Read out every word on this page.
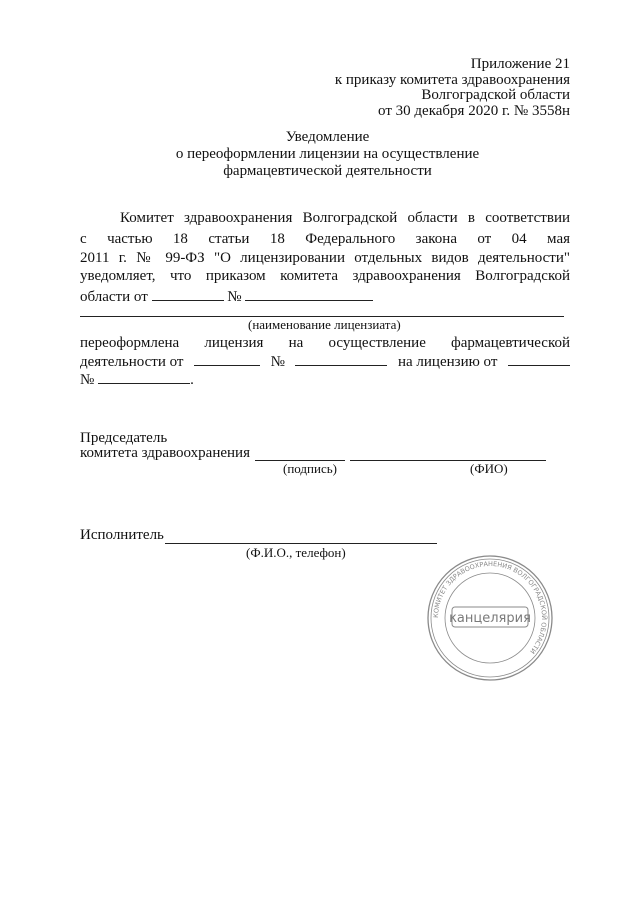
Приложение 21
к приказу комитета здравоохранения
Волгоградской области
от 30 декабря 2020 г. № 3558н
Уведомление
о переоформлении лицензии на осуществление
фармацевтической деятельности
Комитет здравоохранения Волгоградской области в соответствии
с частью 18 статьи 18 Федерального закона от 04 мая
2011 г. № 99-ФЗ "О лицензировании отдельных видов деятельности"
уведомляет, что приказом комитета здравоохранения Волгоградской
области от	№
(наименование лицензиата)
переоформлена лицензия на осуществление фармацевтической
деятельности от	№	на лицензию от
№	.
Председатель
комитета здравоохранения
(подпись)	(ФИО)
Исполнитель
(Ф.И.О., телефон)
КОМИТЕТ ЗДРАВООХРАНЕНИЯ ВОЛГОГРАДСКОЙ ОБЛАСТИ
канцелярия
